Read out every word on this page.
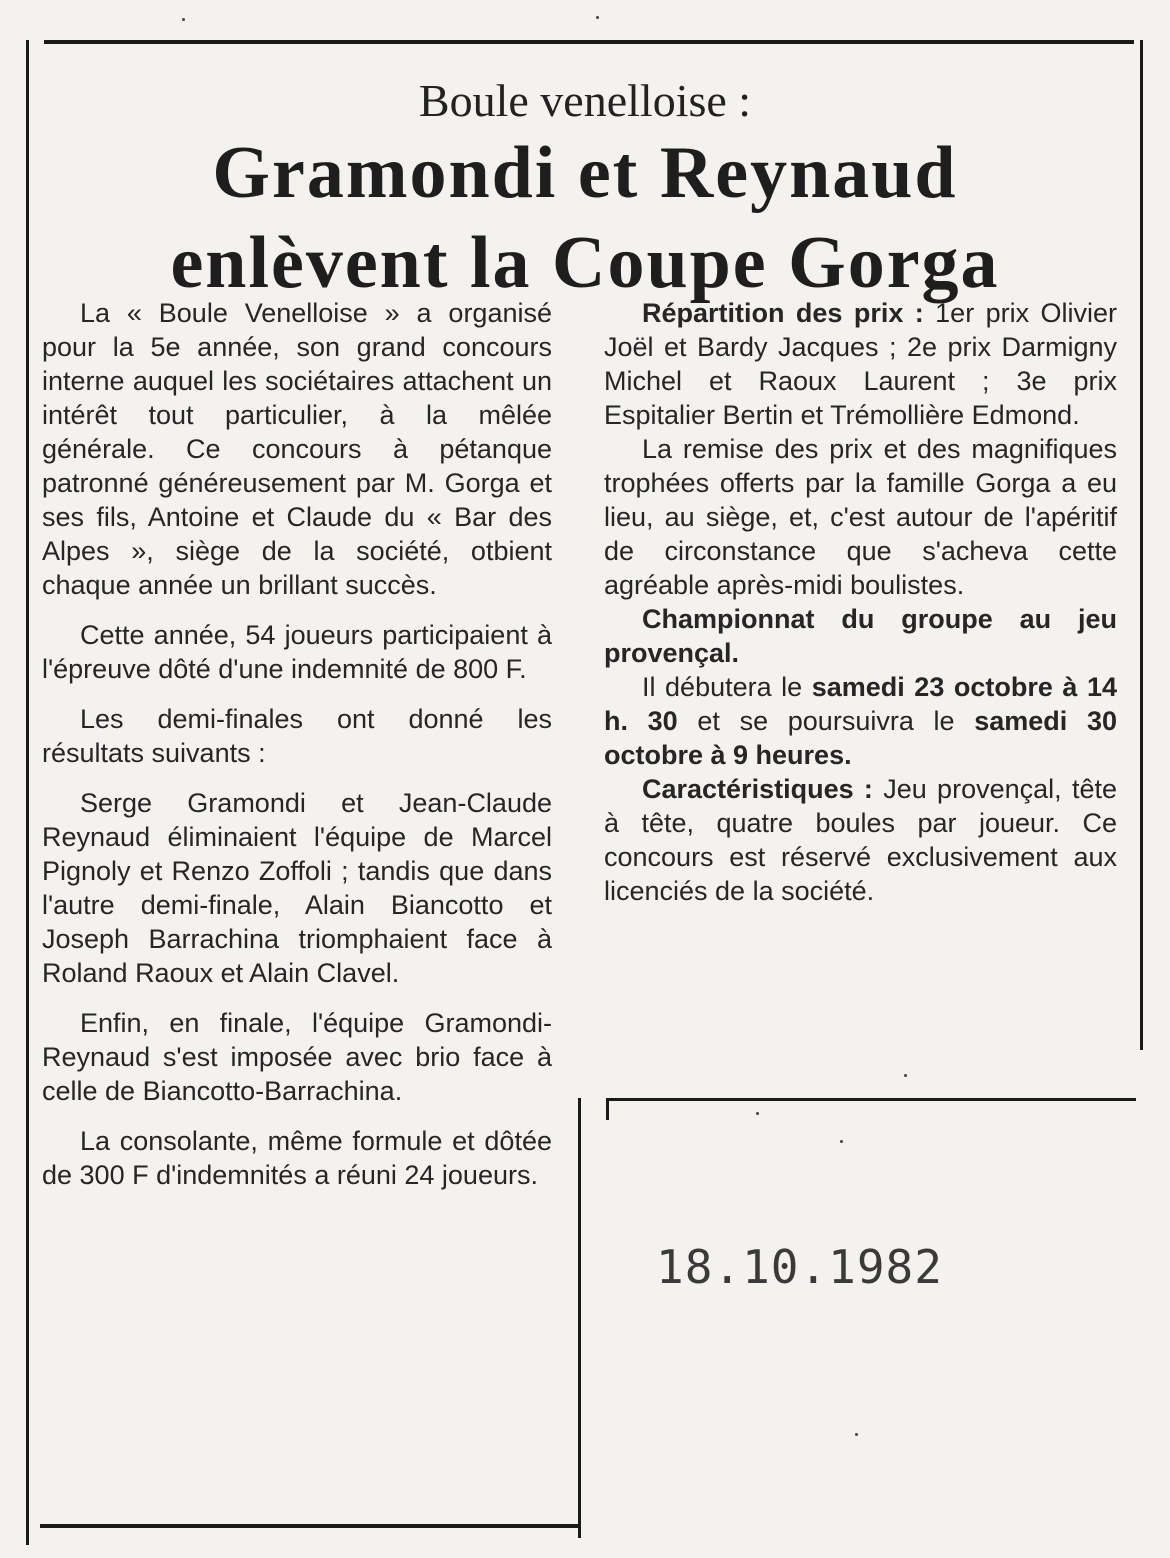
Boule venelloise :
Gramondi et Reynaud
enlèvent la Coupe Gorga

La « Boule Venelloise » a organisé pour la 5e année, son grand concours interne auquel les sociétaires attachent un intérêt tout particulier, à la mêlée générale. Ce concours à pétanque patronné généreusement par M. Gorga et ses fils, Antoine et Claude du « Bar des Alpes », siège de la société, otbient chaque année un brillant succès.

Cette année, 54 joueurs participaient à l'épreuve dôté d'une indemnité de 800 F.

Les demi-finales ont donné les résultats suivants :

Serge Gramondi et Jean-Claude Reynaud éliminaient l'équipe de Marcel Pignoly et Renzo Zoffoli ; tandis que dans l'autre demi-finale, Alain Biancotto et Joseph Barrachina triomphaient face à Roland Raoux et Alain Clavel.

Enfin, en finale, l'équipe Gramondi-Reynaud s'est imposée avec brio face à celle de Biancotto-Barrachina.

La consolante, même formule et dôtée de 300 F d'indemnités a réuni 24 joueurs.

Répartition des prix : 1er prix Olivier Joël et Bardy Jacques ; 2e prix Darmigny Michel et Raoux Laurent ; 3e prix Espitalier Bertin et Trémollière Edmond.

La remise des prix et des magnifiques trophées offerts par la famille Gorga a eu lieu, au siège, et, c'est autour de l'apéritif de circonstance que s'acheva cette agréable après-midi boulistes.

Championnat du groupe au jeu provençal.

Il débutera le samedi 23 octobre à 14 h. 30 et se poursuivra le samedi 30 octobre à 9 heures.

Caractéristiques : Jeu provençal, tête à tête, quatre boules par joueur. Ce concours est réservé exclusivement aux licenciés de la société.

18.10.1982
